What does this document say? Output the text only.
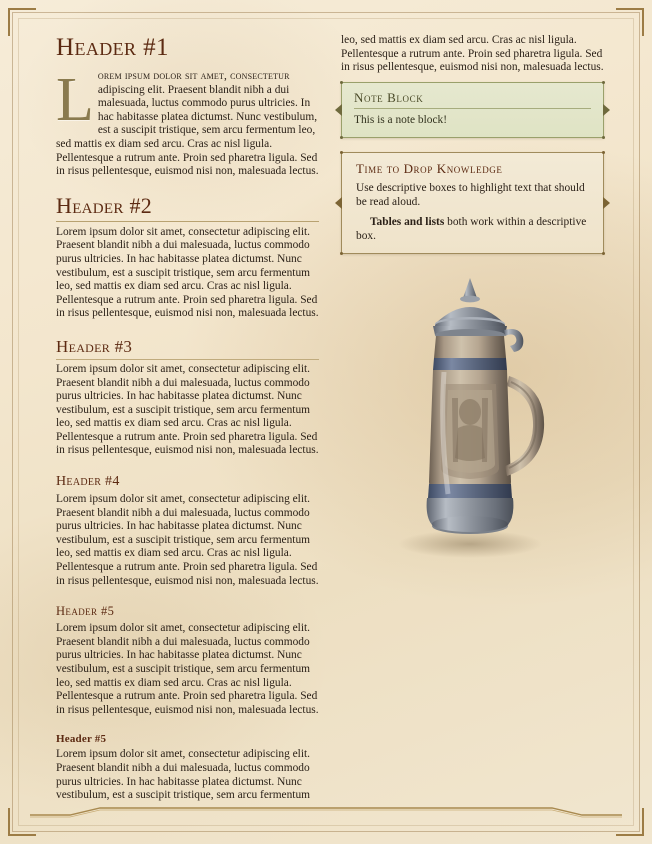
Header #1
L orem ipsum dolor sit amet, consectetur adipiscing elit. Praesent blandit nibh a dui malesuada, luctus commodo purus ultricies. In hac habitasse platea dictumst. Nunc vestibulum, est a suscipit tristique, sem arcu fermentum leo, sed mattis ex diam sed arcu. Cras ac nisl ligula. Pellentesque a rutrum ante. Proin sed pharetra ligula. Sed in risus pellentesque, euismod nisi non, malesuada lectus.

Header #2

Lorem ipsum dolor sit amet, consectetur adipiscing elit. Praesent blandit nibh a dui malesuada, luctus commodo purus ultricies. In hac habitasse platea dictumst. Nunc vestibulum, est a suscipit tristique, sem arcu fermentum leo, sed mattis ex diam sed arcu. Cras ac nisl ligula. Pellentesque a rutrum ante. Proin sed pharetra ligula. Sed in risus pellentesque, euismod nisi non, malesuada lectus.

Header #3

Lorem ipsum dolor sit amet, consectetur adipiscing elit. Praesent blandit nibh a dui malesuada, luctus commodo purus ultricies. In hac habitasse platea dictumst. Nunc vestibulum, est a suscipit tristique, sem arcu fermentum leo, sed mattis ex diam sed arcu. Cras ac nisl ligula. Pellentesque a rutrum ante. Proin sed pharetra ligula. Sed in risus pellentesque, euismod nisi non, malesuada lectus.

Header #4

Lorem ipsum dolor sit amet, consectetur adipiscing elit. Praesent blandit nibh a dui malesuada, luctus commodo purus ultricies. In hac habitasse platea dictumst. Nunc vestibulum, est a suscipit tristique, sem arcu fermentum leo, sed mattis ex diam sed arcu. Cras ac nisl ligula. Pellentesque a rutrum ante. Proin sed pharetra ligula. Sed in risus pellentesque, euismod nisi non, malesuada lectus.

Header #5

Lorem ipsum dolor sit amet, consectetur adipiscing elit. Praesent blandit nibh a dui malesuada, luctus commodo purus ultricies. In hac habitasse platea dictumst. Nunc vestibulum, est a suscipit tristique, sem arcu fermentum leo, sed mattis ex diam sed arcu. Cras ac nisl ligula. Pellentesque a rutrum ante. Proin sed pharetra ligula. Sed in risus pellentesque, euismod nisi non, malesuada lectus.

Header #5

Lorem ipsum dolor sit amet, consectetur adipiscing elit. Praesent blandit nibh a dui malesuada, luctus commodo purus ultricies. In hac habitasse platea dictumst. Nunc vestibulum, est a suscipit tristique, sem arcu fermentum

leo, sed mattis ex diam sed arcu. Cras ac nisl ligula. Pellentesque a rutrum ante. Proin sed pharetra ligula. Sed in risus pellentesque, euismod nisi non, malesuada lectus.

Note Block

This is a note block!

Time to Drop Knowledge

Use descriptive boxes to highlight text that should be read aloud.

Tables and lists both work within a descriptive box.
